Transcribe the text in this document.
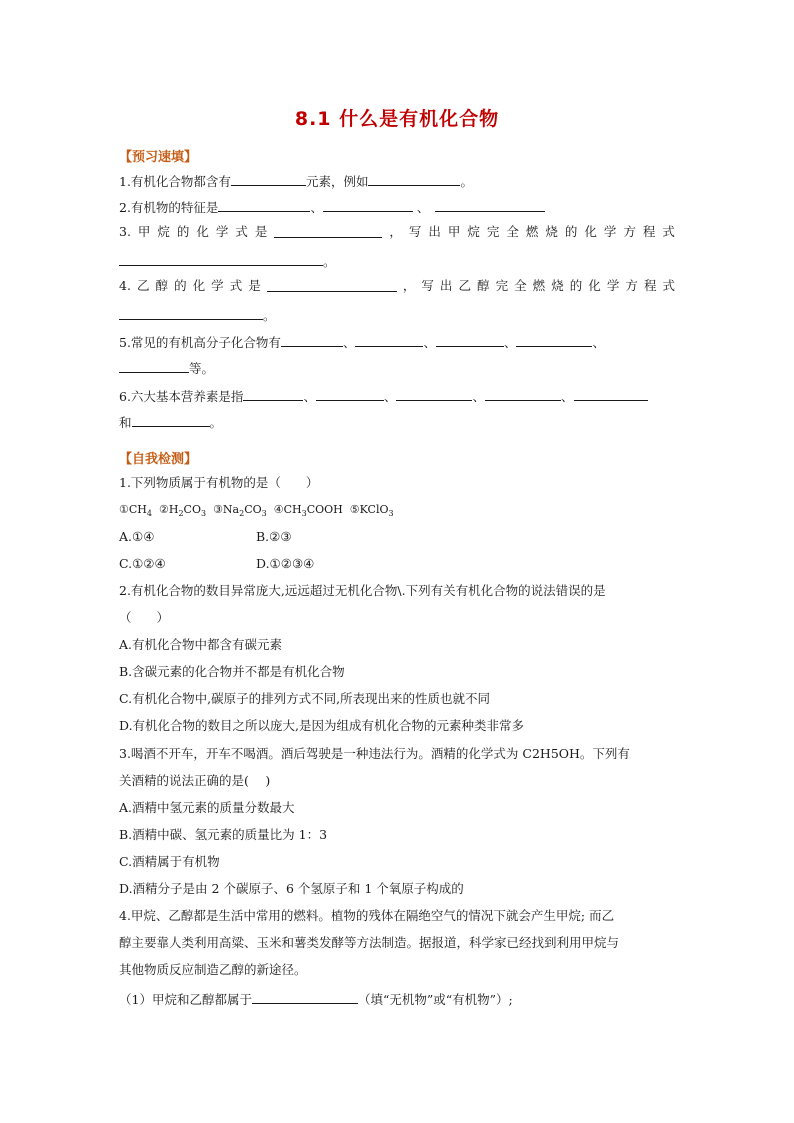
8.1 什么是有机化合物
【预习速填】
1.有机化合物都含有	元素，例如	。
2.有机物的特征是	、	、
3. 甲 烷 的 化 学 式 是	， 写 出 甲 烷 完 全 燃 烧 的 化 学 方 程 式
。
4. 乙 醇 的 化 学 式 是	， 写 出 乙 醇 完 全 燃 烧 的 化 学 方 程 式
。
5.常见的有机高分子化合物有	、	、	、	、
等。
6.六大基本营养素是指	、	、	、	、
和	。
【自我检测】
1.下列物质属于有机物的是（　　）
$①CH_4$ $②H_2CO_3$ $③Na_2CO_3$ $④CH_3COOH$  ⑤KClO$_3$
A.①④	B.②③
C.①②④	D.①②③④
2.有机化合物的数目异常庞大,远远超过无机化合物\.下列有关有机化合物的说法错误的是
（　　）
A.有机化合物中都含有碳元素
B.含碳元素的化合物并不都是有机化合物
C.有机化合物中,碳原子的排列方式不同,所表现出来的性质也就不同
D.有机化合物的数目之所以庞大,是因为组成有机化合物的元素种类非常多
3.喝酒不开车，开车不喝酒。酒后驾驶是一种违法行为。酒精的化学式为 C2H5OH。下列有
关酒精的说法正确的是(　 )
A.酒精中氢元素的质量分数最大
B.酒精中碳、氢元素的质量比为 1：3
C.酒精属于有机物
D.酒精分子是由 2 个碳原子、6 个氢原子和 1 个氧原子构成的
4.甲烷、乙醇都是生活中常用的燃料。植物的残体在隔绝空气的情况下就会产生甲烷; 而乙
醇主要靠人类利用高粱、玉米和薯类发酵等方法制造。据报道，科学家已经找到利用甲烷与
其他物质反应制造乙醇的新途径。
（1）甲烷和乙醇都属于	（填“无机物”或“有机物”）;
